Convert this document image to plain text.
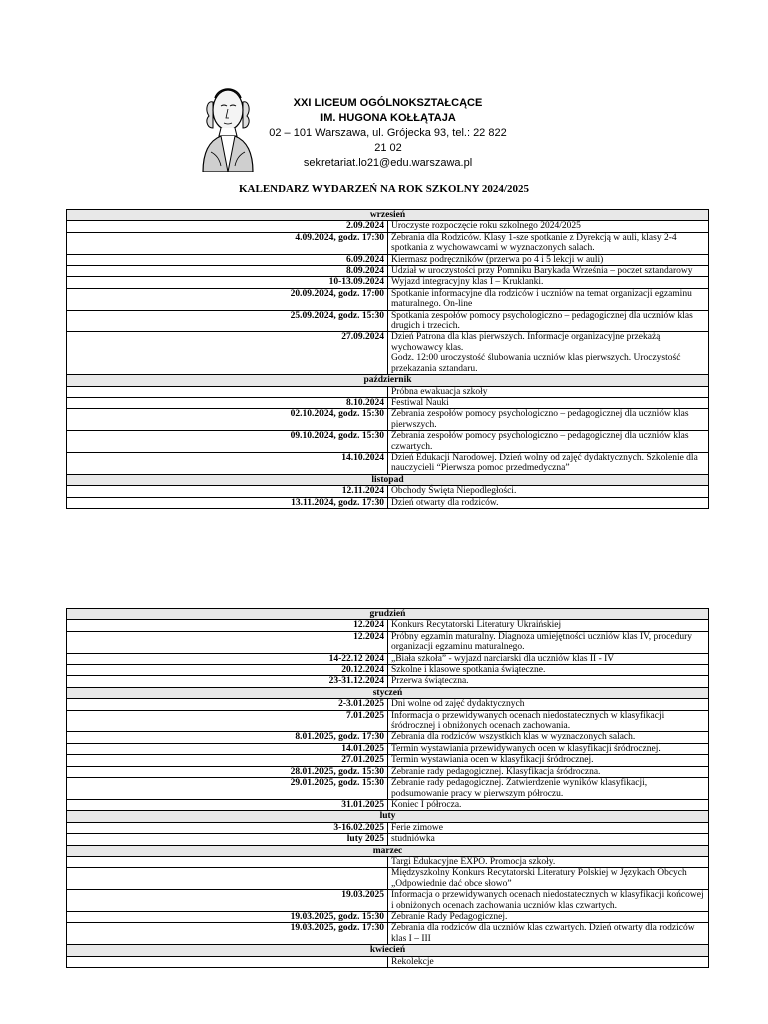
XXI LICEUM OGÓLNOKSZTAŁCĄCE
IM. HUGONA KOŁŁĄTAJA
02 – 101 Warszawa, ul. Grójecka 93, tel.: 22 822 21 02
sekretariat.lo21@edu.warszawa.pl
KALENDARZ WYDARZEŃ NA ROK SZKOLNY 2024/2025
wrzesień	
2.09.2024	Uroczyste rozpoczęcie roku szkolnego 2024/2025

4.09.2024, godz. 17:30	Zebrania dla Rodziców. Klasy 1-sze spotkanie z Dyrekcją w auli, klasy 2-4 spotkania z wychowawcami w wyznaczonych salach.

6.09.2024	Kiermasz podręczników (przerwa po 4 i 5 lekcji w auli)

8.09.2024	Udział w uroczystości przy Pomniku Barykada Września – poczet sztandarowy

10-13.09.2024	Wyjazd integracyjny klas I – Kruklanki.

20.09.2024, godz. 17:00	Spotkanie informacyjne dla rodziców i uczniów na temat organizacji egzaminu maturalnego. On-line

25.09.2024, godz. 15:30	Spotkania zespołów pomocy psychologiczno – pedagogicznej dla uczniów klas drugich i trzecich.

27.09.2024	Dzień Patrona dla klas pierwszych. Informacje organizacyjne przekażą wychowawcy klas.
Godz. 12:00 uroczystość ślubowania uczniów klas pierwszych. Uroczystość przekazania sztandaru.

październik	

	Próbna ewakuacja szkoły

8.10.2024	Festiwal Nauki

02.10.2024, godz. 15:30	Zebrania zespołów pomocy psychologiczno – pedagogicznej dla uczniów klas pierwszych.

09.10.2024, godz. 15:30	Zebrania zespołów pomocy psychologiczno – pedagogicznej dla uczniów klas czwartych.

14.10.2024	Dzień Edukacji Narodowej. Dzień wolny od zajęć dydaktycznych. Szkolenie dla nauczycieli “Pierwsza pomoc przedmedyczna”

listopad	
12.11.2024	Obchody Święta Niepodległości.

13.11.2024, godz. 17:30	Dzień otwarty dla rodziców.
grudzień	
12.2024	Konkurs Recytatorski Literatury Ukraińskiej

12.2024	Próbny egzamin maturalny. Diagnoza umiejętności uczniów klas IV, procedury organizacji egzaminu maturalnego.

14-22.12 2024	„Biała szkoła” - wyjazd narciarski dla uczniów klas II - IV

20.12.2024	Szkolne i klasowe spotkania świąteczne.

23-31.12.2024	Przerwa świąteczna.

styczeń	
2-3.01.2025	Dni wolne od zajęć dydaktycznych

7.01.2025	Informacja o przewidywanych ocenach niedostatecznych w klasyfikacji śródrocznej i obniżonych ocenach zachowania.

8.01.2025, godz. 17:30	Zebrania dla rodziców wszystkich klas w wyznaczonych salach.

14.01.2025	Termin wystawiania przewidywanych ocen w klasyfikacji śródrocznej.

27.01.2025	Termin wystawiania ocen w klasyfikacji śródrocznej.

28.01.2025, godz. 15:30	Zebranie rady pedagogicznej. Klasyfikacja śródroczna.

29.01.2025, godz. 15:30	Zebranie rady pedagogicznej. Zatwierdzenie wyników klasyfikacji, podsumowanie pracy w pierwszym półroczu.

31.01.2025	Koniec I półrocza.

luty	
3-16.02.2025	Ferie zimowe

luty 2025	studniówka

marzec	

	Targi Edukacyjne EXPO. Promocja szkoły.

	Międzyszkolny Konkurs Recytatorski Literatury Polskiej w Językach Obcych „Odpowiednie dać obce słowo”

19.03.2025	Informacja o przewidywanych ocenach niedostatecznych w klasyfikacji końcowej i obniżonych ocenach zachowania uczniów klas czwartych.

19.03.2025, godz. 15:30	Zebranie Rady Pedagogicznej.

19.03.2025, godz. 17:30	Zebrania dla rodziców dla uczniów klas czwartych. Dzień otwarty dla rodziców klas I – III

kwiecień	

	Rekolekcje
